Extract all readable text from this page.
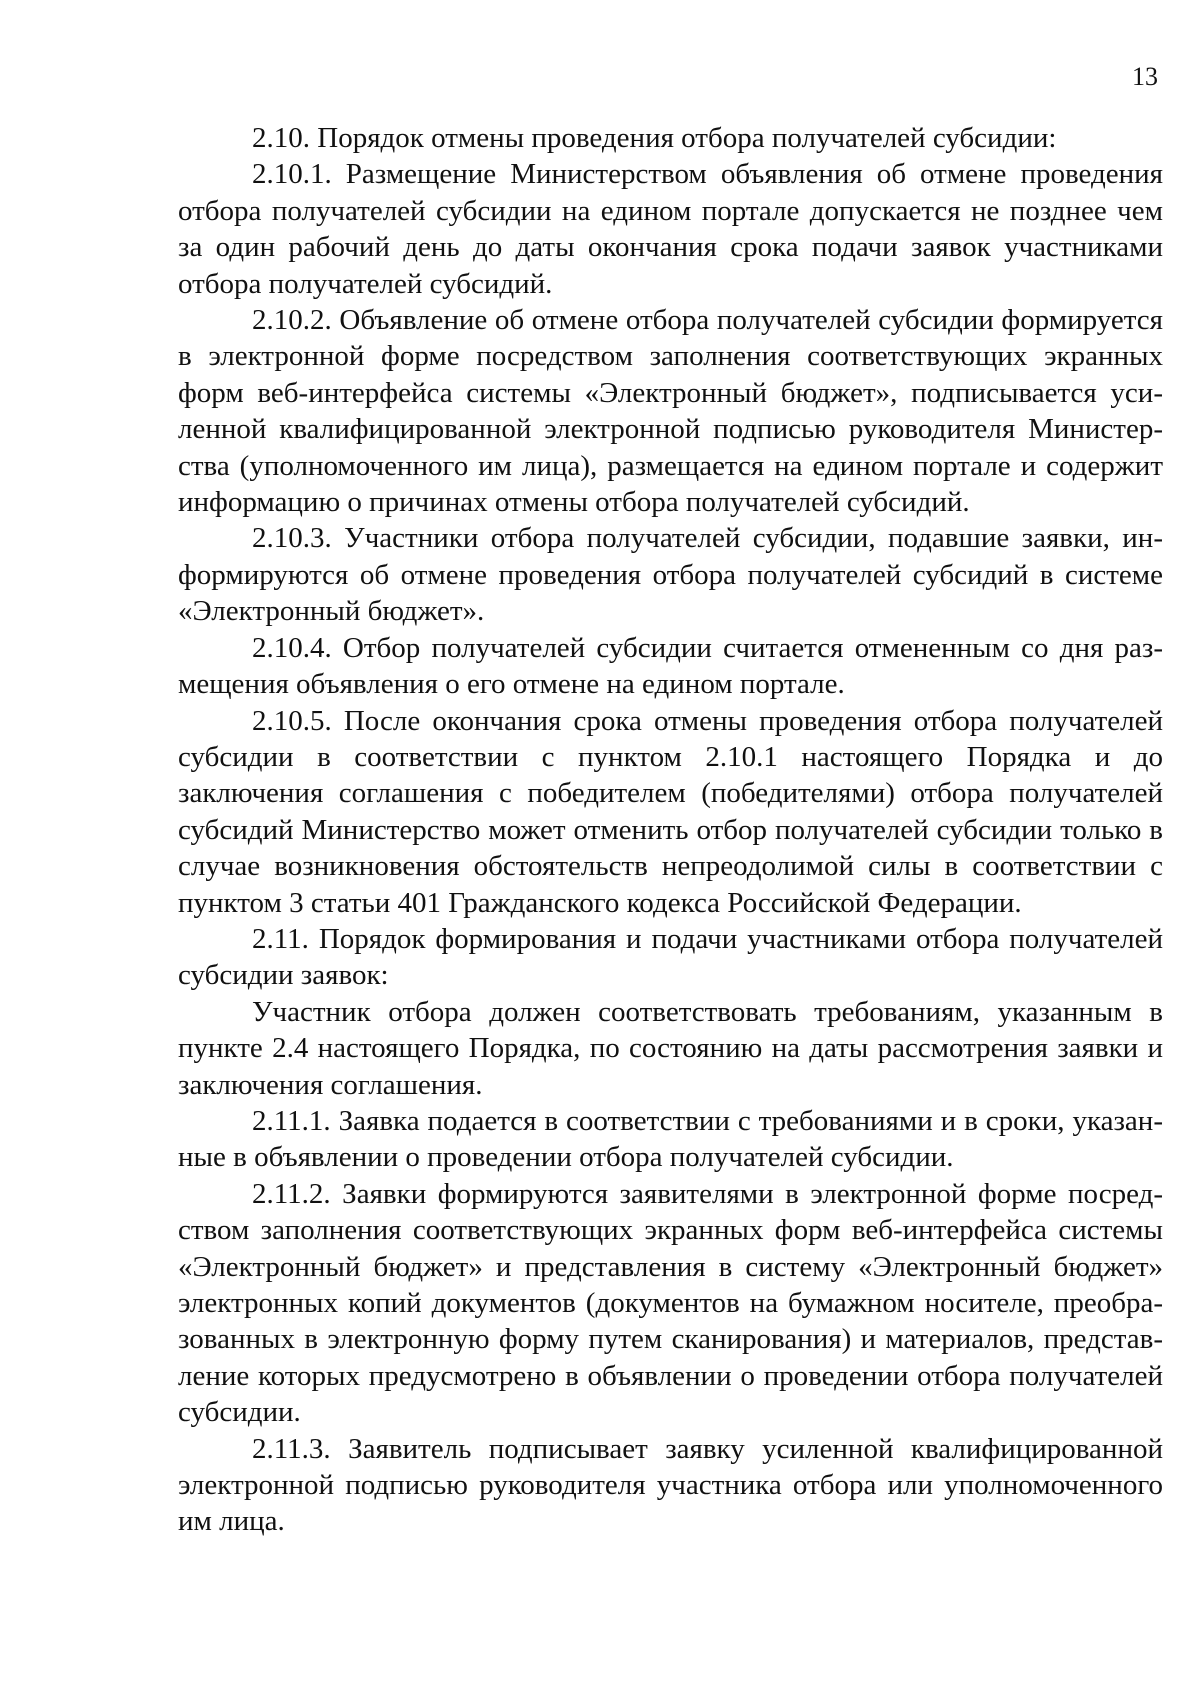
13

2.10. Порядок отмены проведения отбора получателей субсидии:

2.10.1. Размещение Министерством объявления об отмене проведения отбора получателей субсидии на едином портале допускается не позднее чем за один рабочий день до даты окончания срока подачи заявок участниками отбора получателей субсидий.

2.10.2. Объявление об отмене отбора получателей субсидии формируется в электронной форме посредством заполнения соответствующих экранных форм веб-интерфейса системы «Электронный бюджет», подписывается усиленной квалифицированной электронной подписью руководителя Министерства (уполномоченного им лица), размещается на едином портале и содержит информацию о причинах отмены отбора получателей субсидий.

2.10.3. Участники отбора получателей субсидии, подавшие заявки, информируются об отмене проведения отбора получателей субсидий в системе «Электронный бюджет».

2.10.4. Отбор получателей субсидии считается отмененным со дня размещения объявления о его отмене на едином портале.

2.10.5. После окончания срока отмены проведения отбора получателей субсидии в соответствии с пунктом 2.10.1 настоящего Порядка и до заключения соглашения с победителем (победителями) отбора получателей субсидий Министерство может отменить отбор получателей субсидии только в случае возникновения обстоятельств непреодолимой силы в соответствии с пунктом 3 статьи 401 Гражданского кодекса Российской Федерации.

2.11. Порядок формирования и подачи участниками отбора получателей субсидии заявок:

Участник отбора должен соответствовать требованиям, указанным в пункте 2.4 настоящего Порядка, по состоянию на даты рассмотрения заявки и заключения соглашения.

2.11.1. Заявка подается в соответствии с требованиями и в сроки, указанные в объявлении о проведении отбора получателей субсидии.

2.11.2. Заявки формируются заявителями в электронной форме посредством заполнения соответствующих экранных форм веб-интерфейса системы «Электронный бюджет» и представления в систему «Электронный бюджет» электронных копий документов (документов на бумажном носителе, преобразованных в электронную форму путем сканирования) и материалов, представление которых предусмотрено в объявлении о проведении отбора получателей субсидии.

2.11.3. Заявитель подписывает заявку усиленной квалифицированной электронной подписью руководителя участника отбора или уполномоченного им лица.
